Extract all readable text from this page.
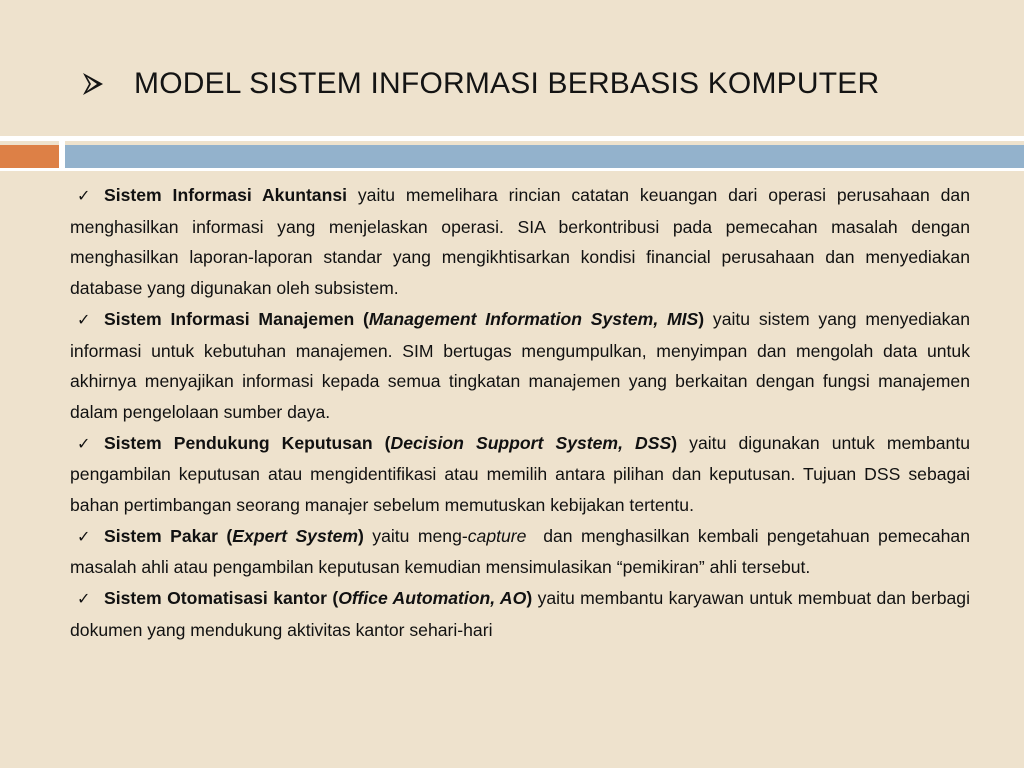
MODEL SISTEM INFORMASI BERBASIS KOMPUTER

✓ Sistem Informasi Akuntansi yaitu memelihara rincian catatan keuangan dari operasi perusahaan dan menghasilkan informasi yang menjelaskan operasi. SIA berkontribusi pada pemecahan masalah dengan menghasilkan laporan-laporan standar yang mengikhtisarkan kondisi financial perusahaan dan menyediakan database yang digunakan oleh subsistem.

✓ Sistem Informasi Manajemen (Management Information System, MIS) yaitu sistem yang menyediakan informasi untuk kebutuhan manajemen. SIM bertugas mengumpulkan, menyimpan dan mengolah data untuk akhirnya menyajikan informasi kepada semua tingkatan manajemen yang berkaitan dengan fungsi manajemen dalam pengelolaan sumber daya.

✓ Sistem Pendukung Keputusan (Decision Support System, DSS) yaitu digunakan untuk membantu pengambilan keputusan atau mengidentifikasi atau memilih antara pilihan dan keputusan. Tujuan DSS sebagai bahan pertimbangan seorang manajer sebelum memutuskan kebijakan tertentu.

✓ Sistem Pakar (Expert System) yaitu meng-capture  dan menghasilkan kembali pengetahuan pemecahan masalah ahli atau pengambilan keputusan kemudian mensimulasikan “pemikiran” ahli tersebut.

✓ Sistem Otomatisasi kantor (Office Automation, AO) yaitu membantu karyawan untuk membuat dan berbagi dokumen yang mendukung aktivitas kantor sehari-hari
